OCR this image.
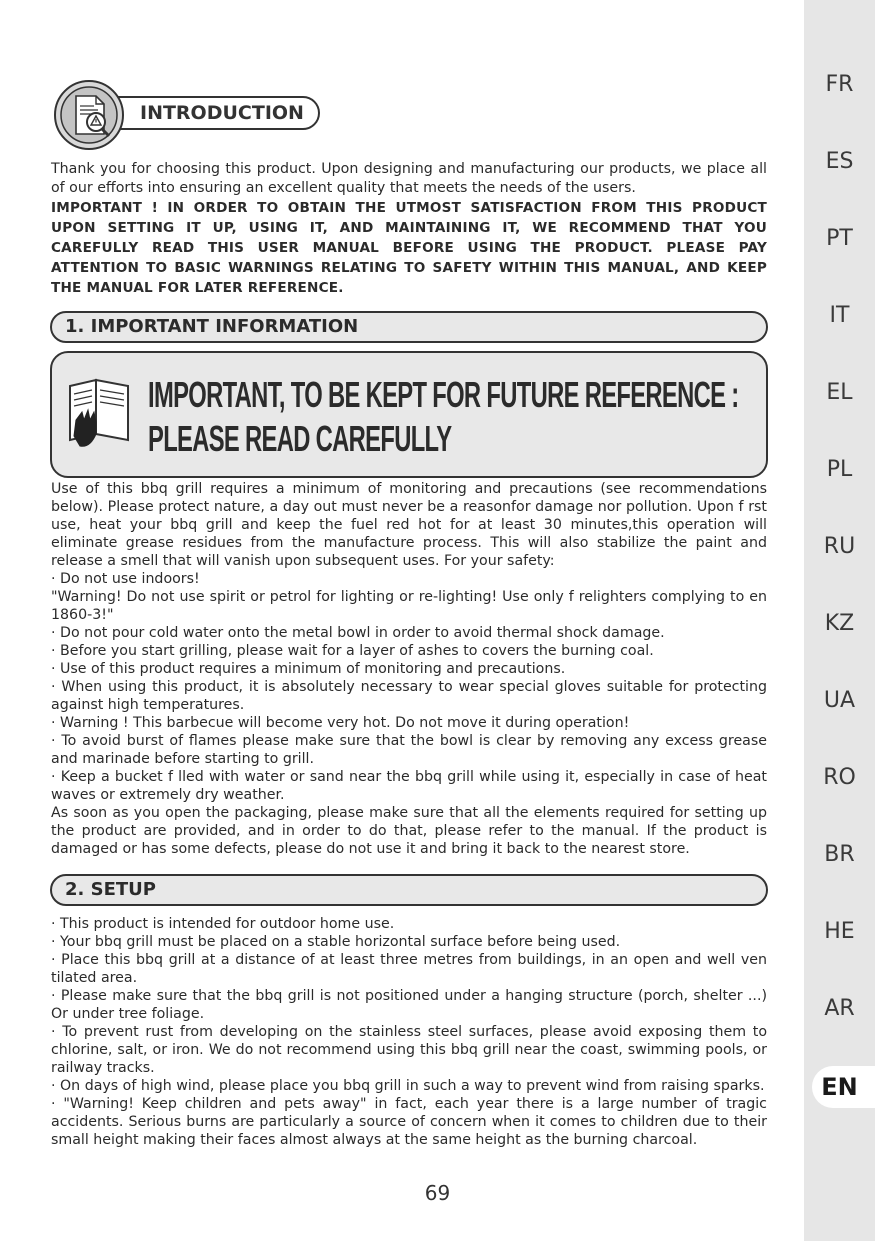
FR
ES
PT
IT
EL
PL
RU
KZ
UA
RO
BR
HE
AR
EN
INTRODUCTION
Thank you for choosing this product. Upon designing and manufacturing our products, we place all of our efforts into ensuring an excellent quality that meets the needs of the users.
IMPORTANT ! IN ORDER TO OBTAIN THE UTMOST SATISFACTION FROM THIS PRODUCT UPON SETTING IT UP, USING IT, AND MAINTAINING IT, WE RECOMMEND THAT YOU CAREFULLY READ THIS USER MANUAL BEFORE USING THE PRODUCT. PLEASE PAY ATTENTION TO BASIC WARNINGS RELATING TO SAFETY WITHIN THIS MANUAL, AND KEEP THE MANUAL FOR LATER REFERENCE.
1. IMPORTANT INFORMATION
IMPORTANT, TO BE KEPT FOR FUTURE REFERENCE :
PLEASE READ CAREFULLY
Use of this bbq grill requires a minimum of monitoring and precautions (see recommendations below). Please protect nature, a day out must never be a reasonfor damage nor pollution. Upon f rst use, heat your bbq grill and keep the fuel red hot for at least 30 minutes,this operation will eliminate grease residues from the manufacture process. This will also stabilize the paint and release a smell that will vanish upon subsequent uses. For your safety:
· Do not use indoors!
"Warning! Do not use spirit or petrol for lighting or re-lighting! Use only f relighters complying to en 1860-3!"
· Do not pour cold water onto the metal bowl in order to avoid thermal shock damage.
· Before you start grilling, please wait for a layer of ashes to covers the burning coal.
· Use of this product requires a minimum of monitoring and precautions.
· When using this product, it is absolutely necessary to wear special gloves suitable for protecting against high temperatures.
· Warning ! This barbecue will become very hot. Do not move it during operation!
· To avoid burst of flames please make sure that the bowl is clear by removing any excess grease and marinade before starting to grill.
· Keep a bucket f lled with water or sand near the bbq grill while using it, especially in case of heat waves or extremely dry weather.
As soon as you open the packaging, please make sure that all the elements required for setting up the product are provided, and in order to do that, please refer to the manual. If the product is damaged or has some defects, please do not use it and bring it back to the nearest store.
2. SETUP
· This product is intended for outdoor home use.
· Your bbq grill must be placed on a stable horizontal surface before being used.
· Place this bbq grill at a distance of at least three metres from buildings, in an open and well ven tilated area.
· Please make sure that the bbq grill is not positioned under a hanging structure (porch, shelter ...) Or under tree foliage.
· To prevent rust from developing on the stainless steel surfaces, please avoid exposing them to chlorine, salt, or iron. We do not recommend using this bbq grill near the coast, swimming pools, or railway tracks.
· On days of high wind, please place you bbq grill in such a way to prevent wind from raising sparks.
· "Warning! Keep children and pets away" in fact, each year there is a large number of tragic accidents. Serious burns are particularly a source of concern when it comes to children due to their small height making their faces almost always at the same height as the burning charcoal.
69
